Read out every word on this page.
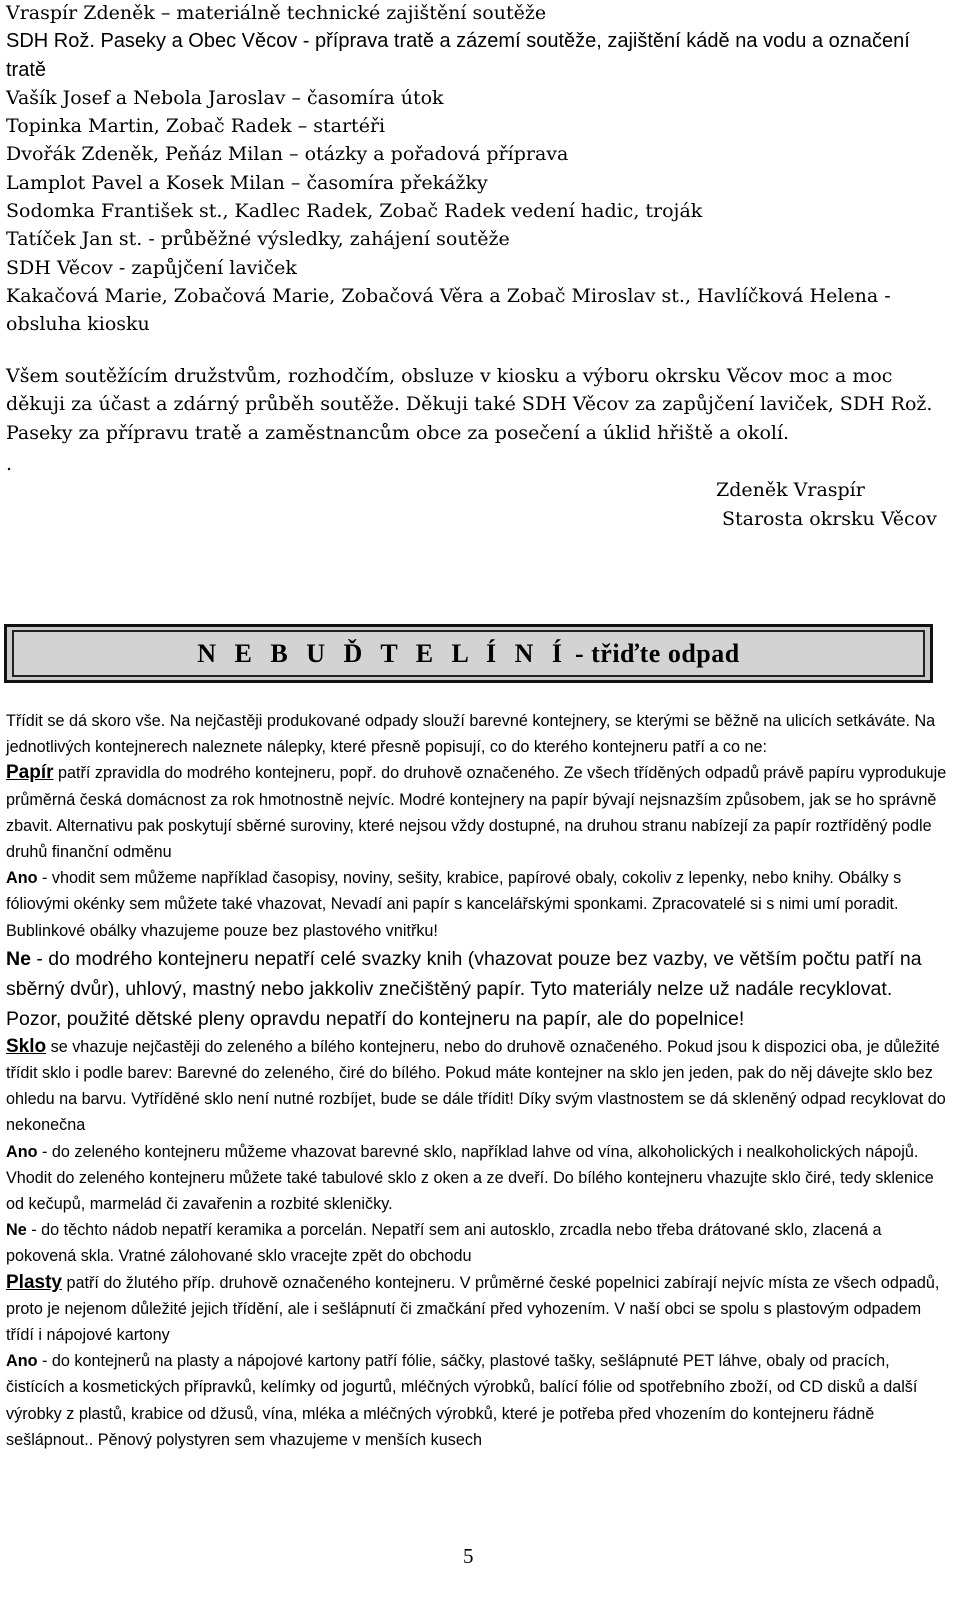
Vraspír Zdeněk – materiálně technické zajištění soutěže
SDH Rož. Paseky a Obec Věcov - příprava tratě a zázemí soutěže, zajištění kádě na vodu a označení tratě
Vašík Josef a Nebola Jaroslav – časomíra útok
Topinka Martin, Zobač Radek – startéři
Dvořák Zdeněk, Peňáz Milan – otázky a pořadová příprava
Lamplot Pavel a Kosek Milan – časomíra překážky
Sodomka František st., Kadlec Radek, Zobač Radek vedení hadic, troják
Tatíček Jan st. - průběžné výsledky, zahájení soutěže
SDH Věcov - zapůjčení laviček
Kakačová Marie, Zobačová Marie, Zobačová Věra a Zobač Miroslav st., Havlíčková Helena - obsluha kiosku

Všem soutěžícím družstvům, rozhodčím, obsluze v kiosku a výboru okrsku Věcov moc a moc děkuji za účast a zdárný průběh soutěže. Děkuji také SDH Věcov za zapůjčení laviček, SDH Rož. Paseky za přípravu tratě a zaměstnancům obce za posečení a úklid hřiště a okolí.

.
Zdeněk Vraspír
Starosta okrsku Věcov
N E B U Ď T E L Í N Í - třiďte odpad

Třídit se dá skoro vše. Na nejčastěji produkované odpady slouží barevné kontejnery, se kterými se běžně na ulicích setkáváte. Na jednotlivých kontejnerech naleznete nálepky, které přesně popisují, co do kterého kontejneru patří a co ne:

Papír patří zpravidla do modrého kontejneru, popř. do druhově označeného. Ze všech tříděných odpadů právě papíru vyprodukuje průměrná česká domácnost za rok hmotnostně nejvíc. Modré kontejnery na papír bývají nejsnazším způsobem, jak se ho správně zbavit. Alternativu pak poskytují sběrné suroviny, které nejsou vždy dostupné, na druhou stranu nabízejí za papír roztříděný podle druhů finanční odměnu

Ano - vhodit sem můžeme například časopisy, noviny, sešity, krabice, papírové obaly, cokoliv z lepenky, nebo knihy. Obálky s fóliovými okénky sem můžete také vhazovat, Nevadí ani papír s kancelářskými sponkami. Zpracovatelé si s nimi umí poradit. Bublinkové obálky vhazujeme pouze bez plastového vnitřku!

Ne - do modrého kontejneru nepatří celé svazky knih (vhazovat pouze bez vazby, ve větším počtu patří na sběrný dvůr), uhlový, mastný nebo jakkoliv znečištěný papír. Tyto materiály nelze už nadále recyklovat. Pozor, použité dětské pleny opravdu nepatří do kontejneru na papír, ale do popelnice!

Sklo se vhazuje nejčastěji do zeleného a bílého kontejneru, nebo do druhově označeného. Pokud jsou k dispozici oba, je důležité třídit sklo i podle barev: Barevné do zeleného, čiré do bílého. Pokud máte kontejner na sklo jen jeden, pak do něj dávejte sklo bez ohledu na barvu. Vytříděné sklo není nutné rozbíjet, bude se dále třídit! Díky svým vlastnostem se dá skleněný odpad recyklovat do nekonečna

Ano - do zeleného kontejneru můžeme vhazovat barevné sklo, například lahve od vína, alkoholických i nealkoholických nápojů. Vhodit do zeleného kontejneru můžete také tabulové sklo z oken a ze dveří. Do bílého kontejneru vhazujte sklo čiré, tedy sklenice od kečupů, marmelád či zavařenin a rozbité skleničky.

Ne - do těchto nádob nepatří keramika a porcelán. Nepatří sem ani autosklo, zrcadla nebo třeba drátované sklo, zlacená a pokovená skla. Vratné zálohované sklo vracejte zpět do obchodu

Plasty patří do žlutého příp. druhově označeného kontejneru. V průměrné české popelnici zabírají nejvíc místa ze všech odpadů, proto je nejenom důležité jejich třídění, ale i sešlápnutí či zmačkání před vyhozením. V naší obci se spolu s plastovým odpadem třídí i nápojové kartony

Ano - do kontejnerů na plasty a nápojové kartony patří fólie, sáčky, plastové tašky, sešlápnuté PET láhve, obaly od pracích, čistících a kosmetických přípravků, kelímky od jogurtů, mléčných výrobků, balící fólie od spotřebního zboží, od CD disků a další výrobky z plastů, krabice od džusů, vína, mléka a mléčných výrobků, které je potřeba před vhozením do kontejneru řádně sešlápnout.. Pěnový polystyren sem vhazujeme v menších kusech

5
